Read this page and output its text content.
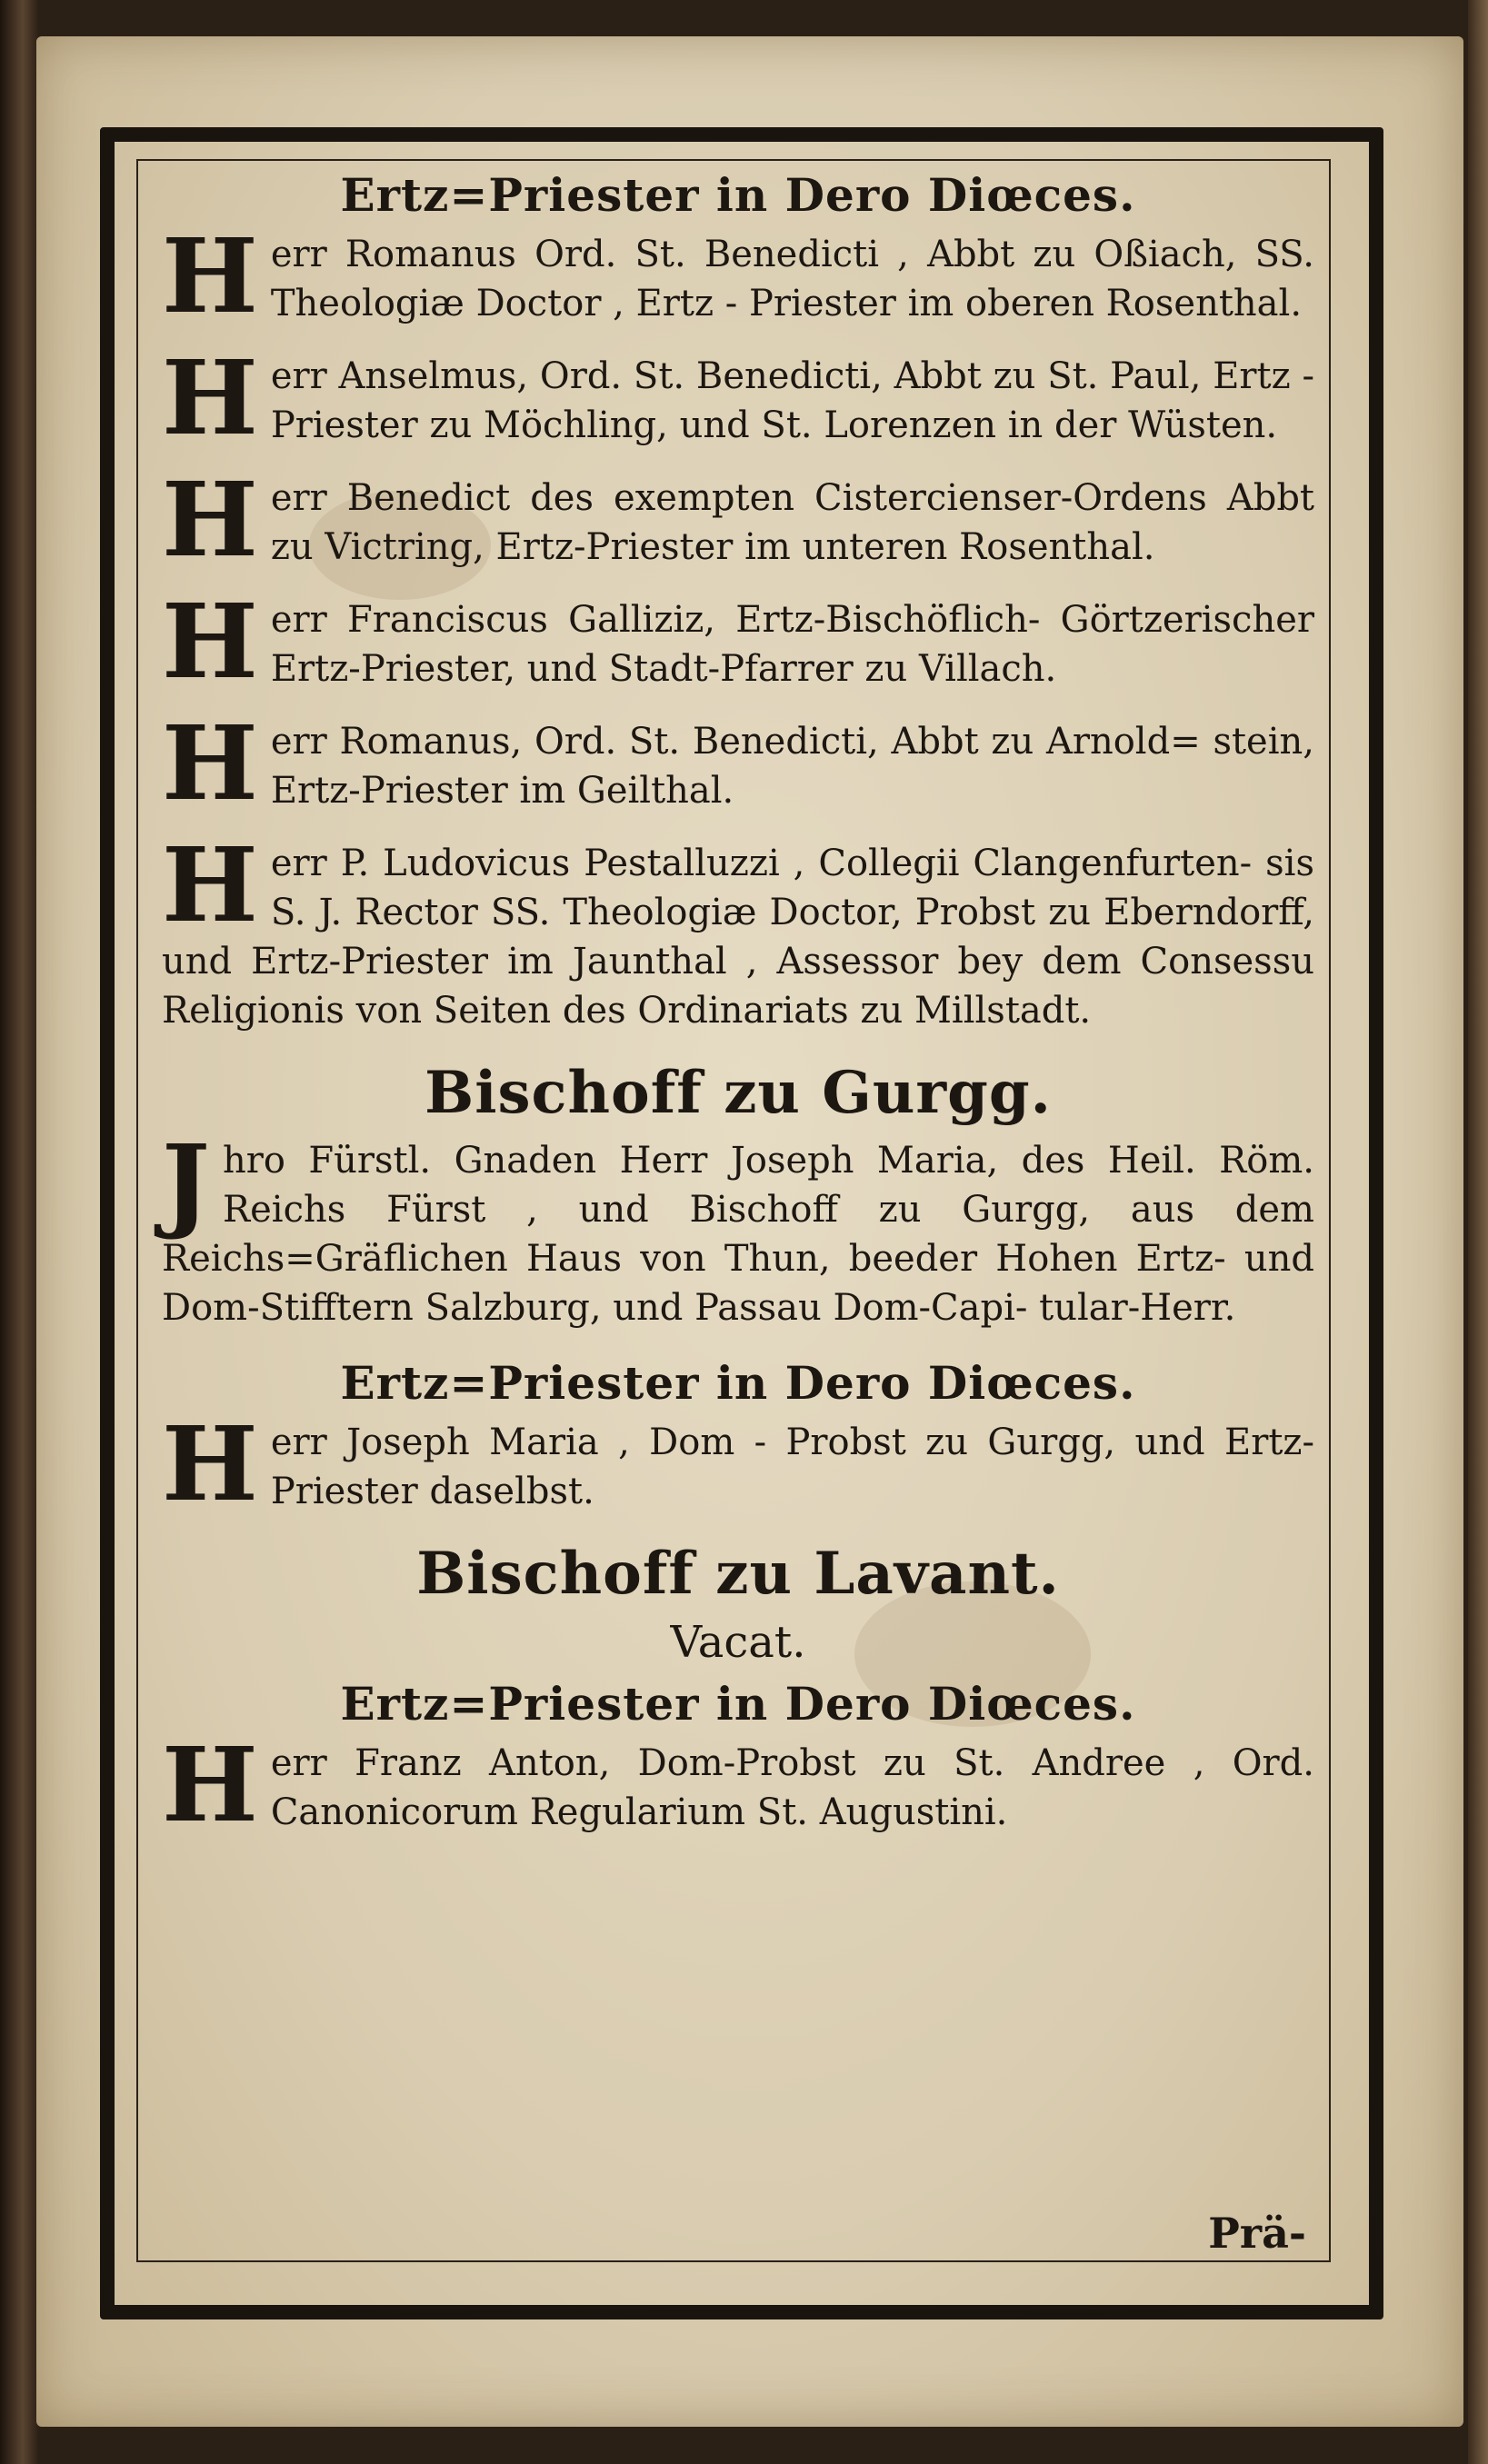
Ertz=Priester in Dero Diœces.

Herr Romanus Ord. St. Benedicti , Abbt zu Oßiach, SS. Theologiæ Doctor , Ertz - Priester im oberen Rosenthal.

Herr Anselmus, Ord. St. Benedicti, Abbt zu St. Paul, Ertz - Priester zu Möchling, und St. Lorenzen in der Wüsten.

Herr Benedict des exempten Cistercienser-Ordens Abbt zu Victring, Ertz-Priester im unteren Rosenthal.

Herr Franciscus Galliziz, Ertz-Bischöflich- Görtzerischer Ertz-Priester, und Stadt-Pfarrer zu Villach.

Herr Romanus, Ord. St. Benedicti, Abbt zu Arnold= stein, Ertz-Priester im Geilthal.

Herr P. Ludovicus Pestalluzzi , Collegii Clangenfurten- sis S. J. Rector SS. Theologiæ Doctor, Probst zu Eberndorff, und Ertz-Priester im Jaunthal , Assessor bey dem Consessu Religionis von Seiten des Ordinariats zu Millstadt.

Bischoff zu Gurgg.

Jhro Fürstl. Gnaden Herr Joseph Maria, des Heil. Röm. Reichs Fürst , und Bischoff zu Gurgg, aus dem Reichs=Gräflichen Haus von Thun, beeder Hohen Ertz- und Dom-Stifftern Salzburg, und Passau Dom-Capi- tular-Herr.

Ertz=Priester in Dero Diœces.

Herr Joseph Maria , Dom - Probst zu Gurgg, und Ertz-Priester daselbst.

Bischoff zu Lavant.
Vacat.
Ertz=Priester in Dero Diœces.

Herr Franz Anton, Dom-Probst zu St. Andree , Ord. Canonicorum Regularium St. Augustini.

Prä-
